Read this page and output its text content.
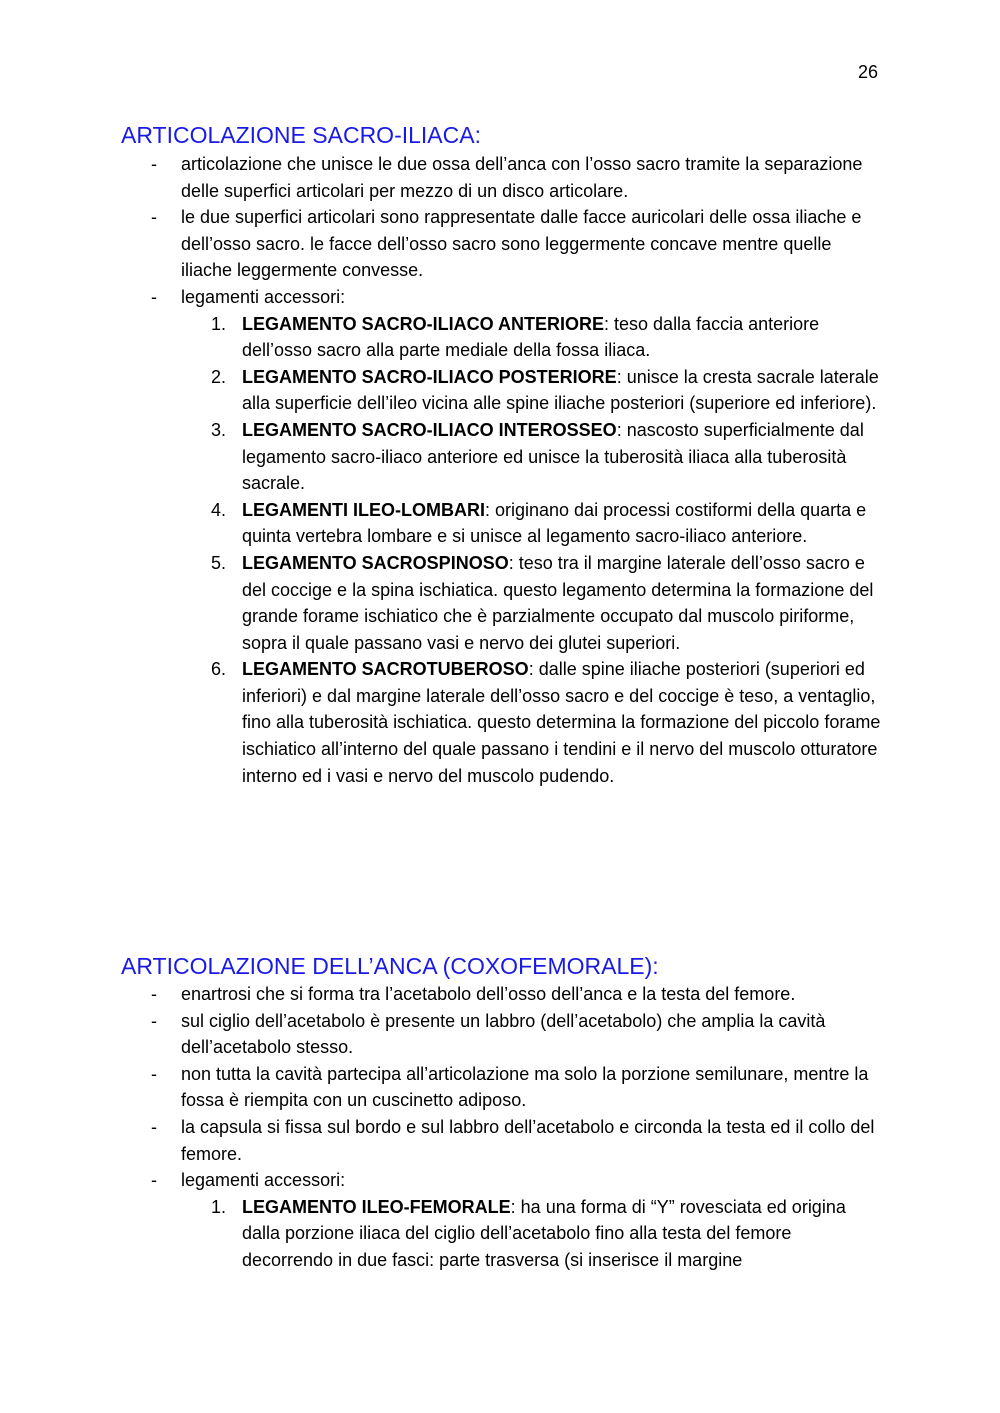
26
ARTICOLAZIONE SACRO-ILIACA:
- articolazione che unisce le due ossa dell’anca con l’osso sacro tramite la separazione delle superfici articolari per mezzo di un disco articolare.
- le due superfici articolari sono rappresentate dalle facce auricolari delle ossa iliache e dell’osso sacro. le facce dell’osso sacro sono leggermente concave mentre quelle iliache leggermente convesse.
- legamenti accessori:
1. LEGAMENTO SACRO-ILIACO ANTERIORE: teso dalla faccia anteriore dell’osso sacro alla parte mediale della fossa iliaca.
2. LEGAMENTO SACRO-ILIACO POSTERIORE: unisce la cresta sacrale laterale alla superficie dell’ileo vicina alle spine iliache posteriori (superiore ed inferiore).
3. LEGAMENTO SACRO-ILIACO INTEROSSEO: nascosto superficialmente dal legamento sacro-iliaco anteriore ed unisce la tuberosità iliaca alla tuberosità sacrale.
4. LEGAMENTI ILEO-LOMBARI: originano dai processi costiformi della quarta e quinta vertebra lombare e si unisce al legamento sacro-iliaco anteriore.
5. LEGAMENTO SACROSPINOSO: teso tra il margine laterale dell’osso sacro e del coccige e la spina ischiatica. questo legamento determina la formazione del grande forame ischiatico che è parzialmente occupato dal muscolo piriforme, sopra il quale passano vasi e nervo dei glutei superiori.
6. LEGAMENTO SACROTUBEROSO: dalle spine iliache posteriori (superiori ed inferiori) e dal margine laterale dell’osso sacro e del coccige è teso, a ventaglio, fino alla tuberosità ischiatica. questo determina la formazione del piccolo forame ischiatico all’interno del quale passano i tendini e il nervo del muscolo otturatore interno ed i vasi e nervo del muscolo pudendo.
ARTICOLAZIONE DELL’ANCA (COXOFEMORALE):
- enartrosi che si forma tra l’acetabolo dell’osso dell’anca e la testa del femore.
- sul ciglio dell’acetabolo è presente un labbro (dell’acetabolo) che amplia la cavità dell’acetabolo stesso.
- non tutta la cavità partecipa all’articolazione ma solo la porzione semilunare, mentre la fossa è riempita con un cuscinetto adiposo.
- la capsula si fissa sul bordo e sul labbro dell’acetabolo e circonda la testa ed il collo del femore.
- legamenti accessori:
1. LEGAMENTO ILEO-FEMORALE: ha una forma di “Y” rovesciata ed origina dalla porzione iliaca del ciglio dell’acetabolo fino alla testa del femore decorrendo in due fasci: parte trasversa (si inserisce il margine
